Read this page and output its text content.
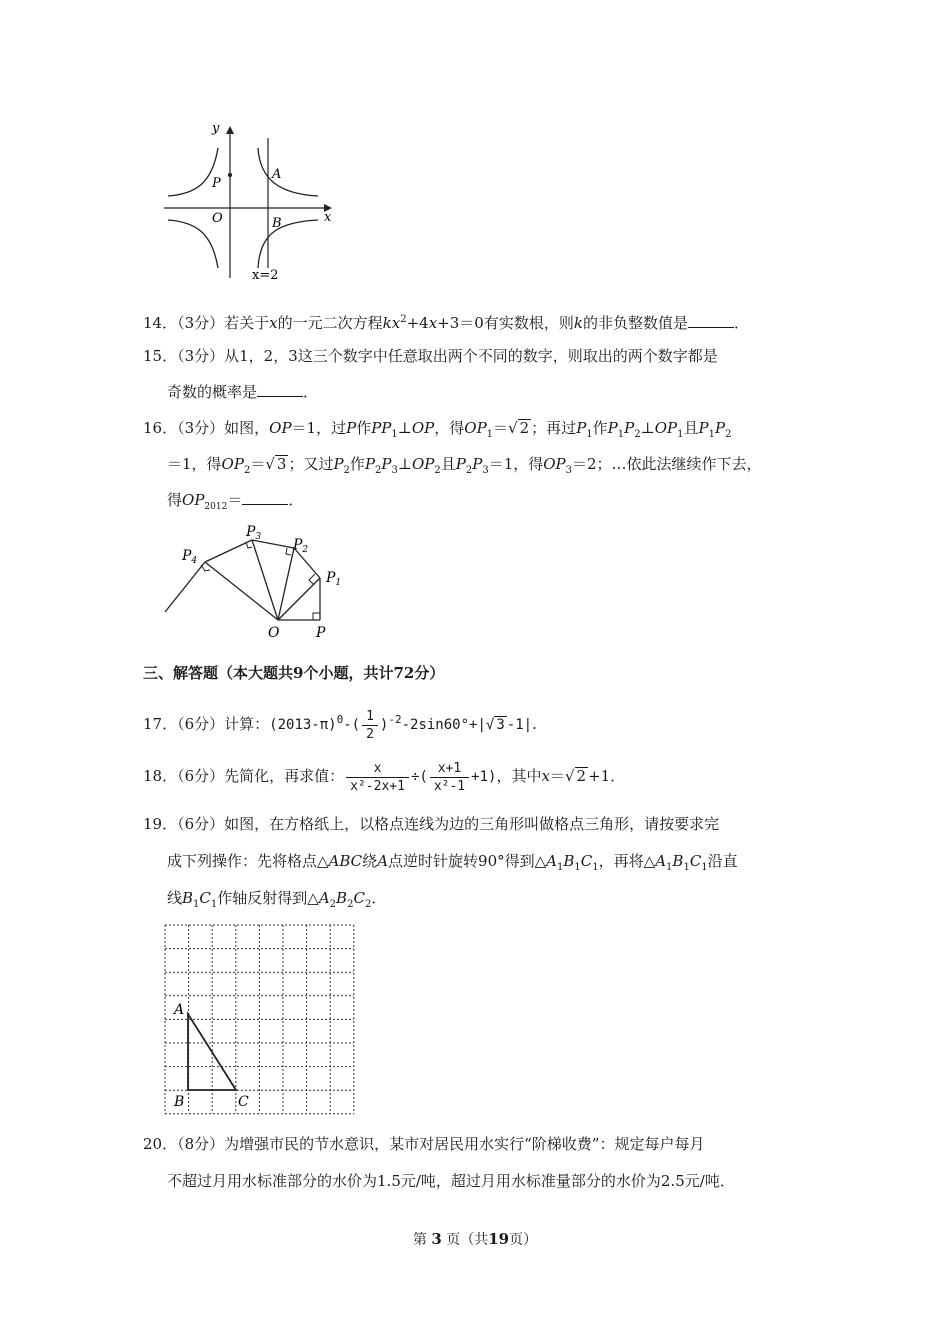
y
x
P
A
O	B
x=2
14．（3分）若关于x的一元二次方程$kx^2+4x+3=0$有实数根，则k的非负整数值是	．
15．（3分）从1，2，3这三个数字中任意取出两个不同的数字，则取出的两个数字都是
奇数的概率是	．
16．（3分）如图，OP＝1，过P作$PP_1\perp OP$，得$OP_1=√$ 2 ；再过$P_1$作$P_1P_2\perp OP_1$且$P_1P_2$
＝1，得$OP_2=√$ 3 ；又过$P_2$作$P_2P_3\perp OP_2$且$P_2P_3=1$，得$OP_3=2$；…依此法继续作下去，
得$OP_{2012}=$	．
$P_4$
$P_3$ $P_2$
$P_1$
O	P
三、解答题（本大题共9个小题，共计72分）
17．（6分）计算：$(2013-\pi)^0-( \frac{1}{2} )^{-2}-2\sin 60^\circ+|√$ 3 -1|.
18．（6分）先简化，再求值： $\frac{x}{\text{x²-2x+1}}$ ÷( $\frac{x+1}{\text{x²-1}} +1$)，其中x＝√ 2 +1．
19．（6分）如图，在方格纸上，以格点连线为边的三角形叫做格点三角形，请按要求完
成下列操作：先将格点△ABC绕A点逆时针旋转90°得到$\triangle A_1B_1C_1$，再将$\triangle A_1B_1C_1$沿直
线$B_1C_1$作轴反射得到$\triangle A_2B_2C_2$．
A
B	C
20．（8分）为增强市民的节水意识，某市对居民用水实行“阶梯收费”：规定每户每月
不超过月用水标准部分的水价为1.5元/吨，超过月用水标准量部分的水价为2.5元/吨．
第 3 页（共19页）
